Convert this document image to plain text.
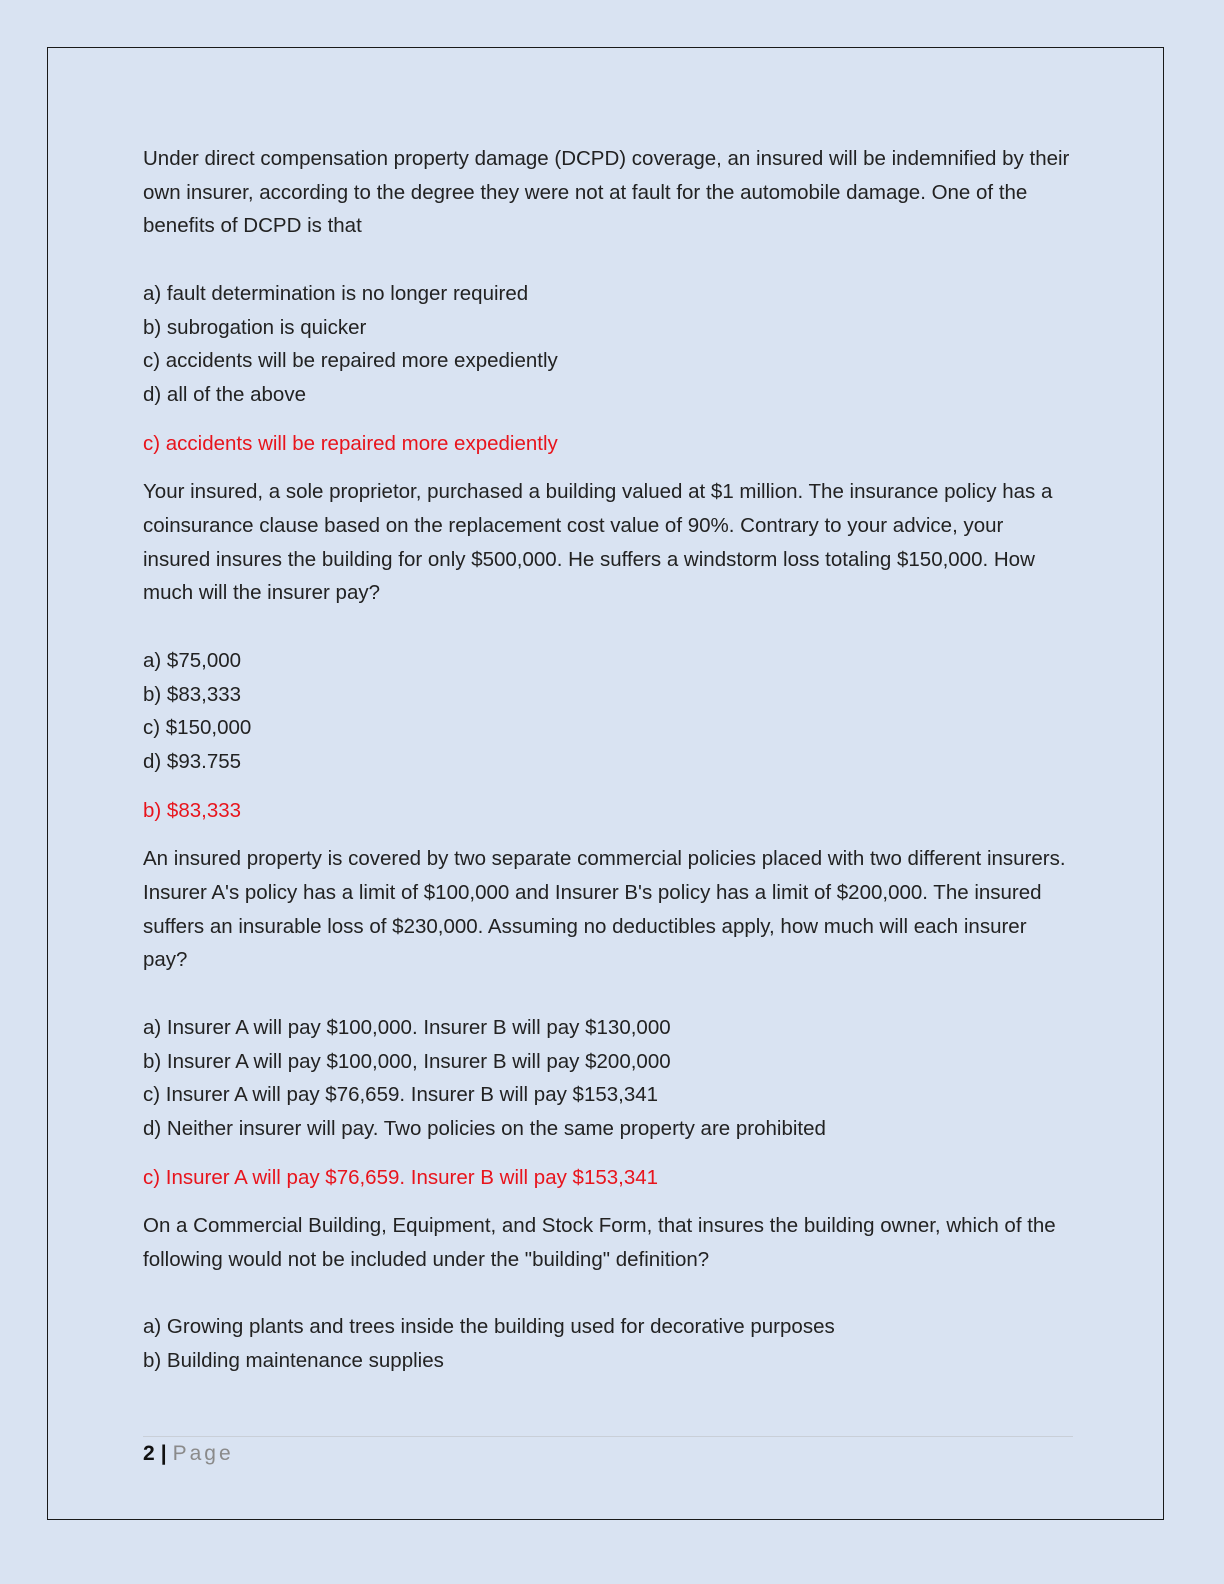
Under direct compensation property damage (DCPD) coverage, an insured will be indemnified by their own insurer, according to the degree they were not at fault for the automobile damage. One of the benefits of DCPD is that

a) fault determination is no longer required

b) subrogation is quicker

c) accidents will be repaired more expediently

d) all of the above

c) accidents will be repaired more expediently

Your insured, a sole proprietor, purchased a building valued at $1 million. The insurance policy has a coinsurance clause based on the replacement cost value of 90%. Contrary to your advice, your insured insures the building for only $500,000. He suffers a windstorm loss totaling $150,000. How much will the insurer pay?

a) $75,000

b) $83,333

c) $150,000

d) $93.755

b) $83,333

An insured property is covered by two separate commercial policies placed with two different insurers. Insurer A's policy has a limit of $100,000 and Insurer B's policy has a limit of $200,000. The insured suffers an insurable loss of $230,000. Assuming no deductibles apply, how much will each insurer pay?

a) Insurer A will pay $100,000. Insurer B will pay $130,000

b) Insurer A will pay $100,000, Insurer B will pay $200,000

c) Insurer A will pay $76,659. Insurer B will pay $153,341

d) Neither insurer will pay. Two policies on the same property are prohibited

c) Insurer A will pay $76,659. Insurer B will pay $153,341

On a Commercial Building, Equipment, and Stock Form, that insures the building owner, which of the following would not be included under the "building" definition?

a) Growing plants and trees inside the building used for decorative purposes

b) Building maintenance supplies

2 | Page
